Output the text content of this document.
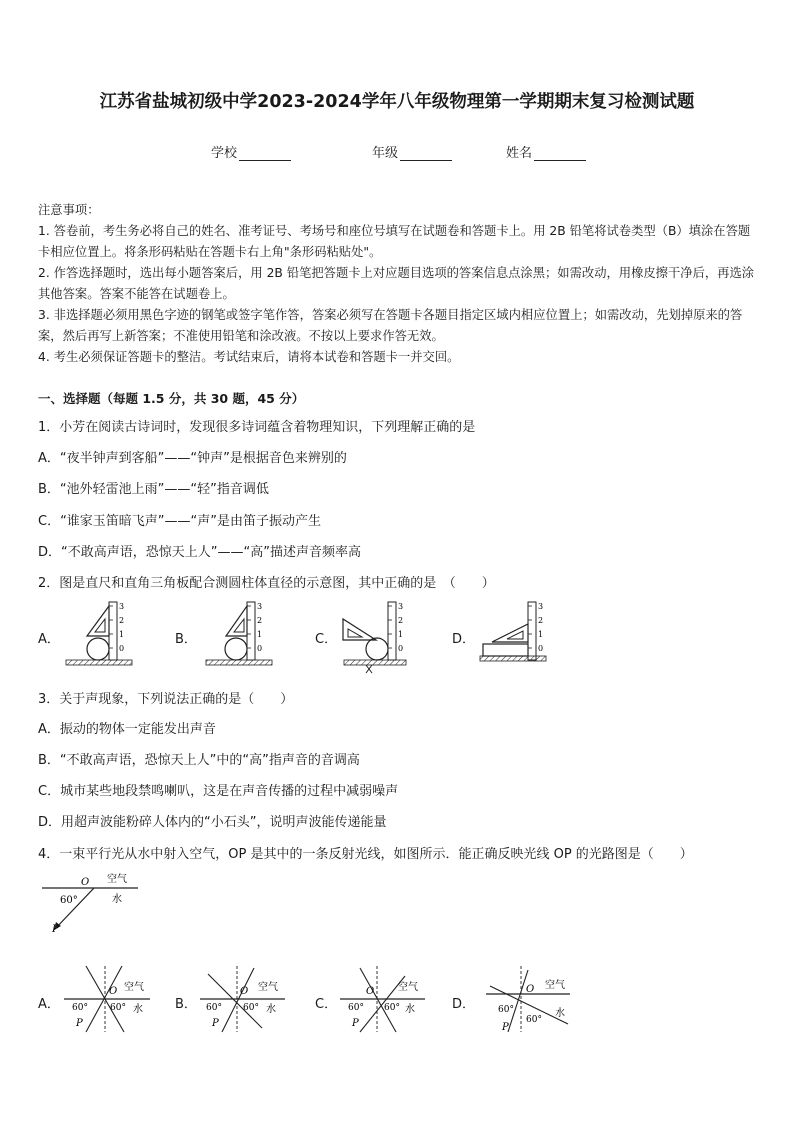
江苏省盐城初级中学2023-2024学年八年级物理第一学期期末复习检测试题
学校	年级	姓名
注意事项：
1. 答卷前，考生务必将自己的姓名、准考证号、考场号和座位号填写在试题卷和答题卡上。用 2B 铅笔将试卷类型（B）填涂在答题卡相应位置上。将条形码粘贴在答题卡右上角"条形码粘贴处"。
2. 作答选择题时，选出每小题答案后，用 2B 铅笔把答题卡上对应题目选项的答案信息点涂黑；如需改动，用橡皮擦干净后，再选涂其他答案。答案不能答在试题卷上。
3. 非选择题必须用黑色字迹的钢笔或签字笔作答，答案必须写在答题卡各题目指定区域内相应位置上；如需改动，先划掉原来的答案，然后再写上新答案；不准使用铅笔和涂改液。不按以上要求作答无效。
4. 考生必须保证答题卡的整洁。考试结束后，请将本试卷和答题卡一并交回。
一、选择题（每题 1.5 分，共 30 题，45 分）
1．小芳在阅读古诗词时，发现很多诗词蕴含着物理知识，下列理解正确的是
A．“夜半钟声到客船”——“钟声”是根据音色来辨别的
B．“池外轻雷池上雨”——“轻”指音调低
C．“谁家玉笛暗飞声”——“声”是由笛子振动产生
D．“不敢高声语，恐惊天上人”——“高”描述声音频率高
2．图是直尺和直角三角板配合测圆柱体直径的示意图，其中正确的是　（　　）
A．	B．	C．	D．
3
2
1
0
3
2
1
0
3
2
1
0
3
2
1
0
3．关于声现象，下列说法正确的是（　　）
A．振动的物体一定能发出声音
B．“不敢高声语，恐惊天上人”中的“高”指声音的音调高
C．城市某些地段禁鸣喇叭，这是在声音传播的过程中减弱噪声
D．用超声波能粉碎人体内的“小石头”，说明声波能传递能量
4．一束平行光从水中射入空气，OP 是其中的一条反射光线，如图所示．能正确反映光线 OP 的光路图是（　　）
O 空气
水
60°
P
A．	B．	C．	D．
O 空气
水
60° 60°
P
O 空气
水
60° 60°
P
O 空气
水
60° 60°
P
O 空气
水
60°
60°
P
